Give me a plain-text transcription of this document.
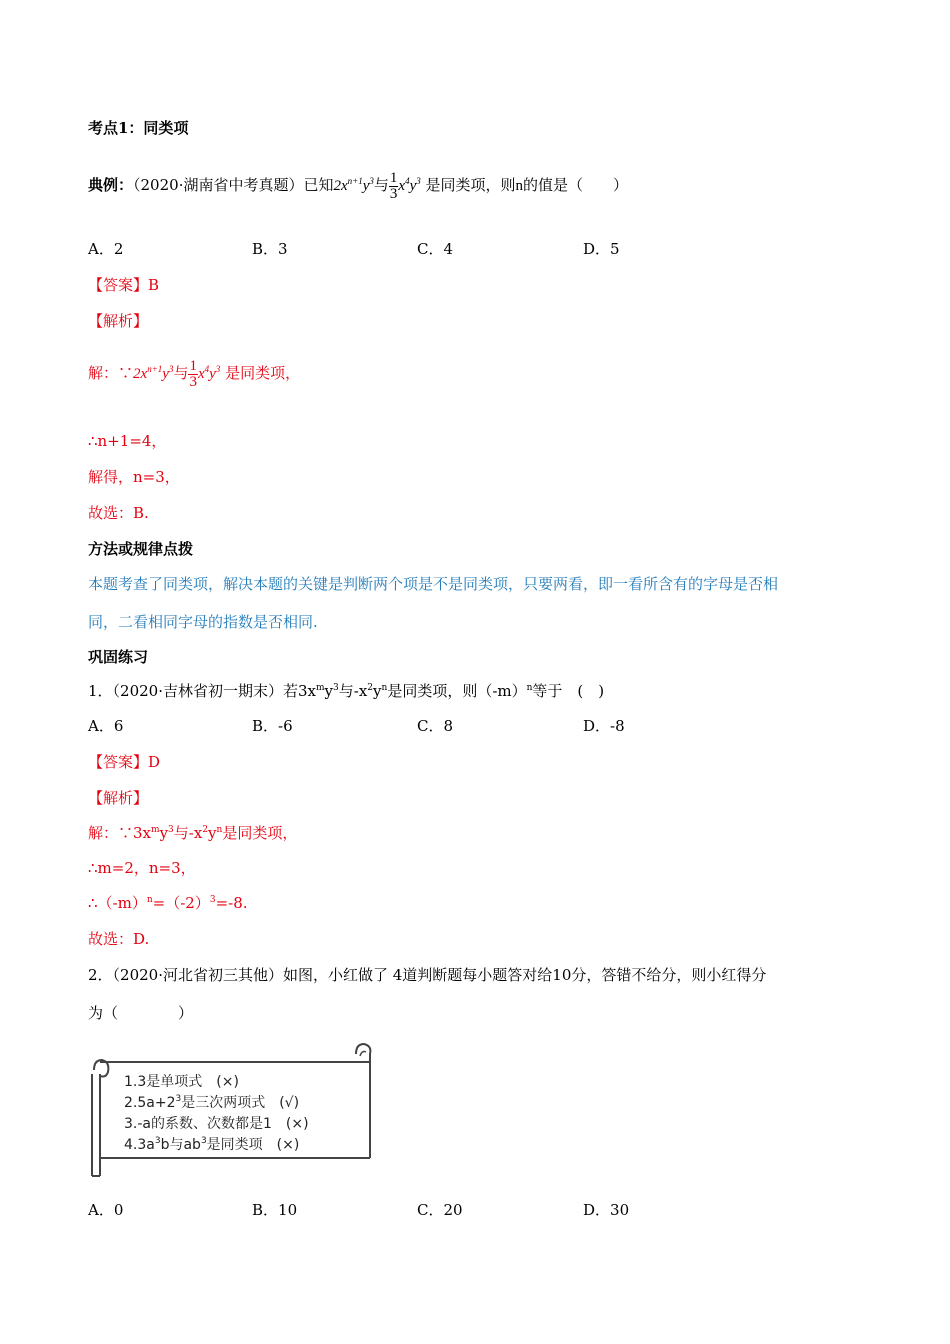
考点1：同类项
典例：（2020·湖南省中考真题）已知$2x^{n+1}y^3$与 $\frac{1}{3} x^4y^3$ 是同类项，则n的值是（　　）
A．2	B．3	C．4	D．5
【答案】B
【解析】
解：$\because 2x^{n+1}y^3$与 $\frac{1}{3} x^4y^3$ 是同类项，
∴n+1=4，
解得，n=3，
故选：B.
方法或规律点拨
本题考查了同类项，解决本题的关键是判断两个项是不是同类项，只要两看，即一看所含有的字母是否相
同，二看相同字母的指数是否相同.
巩固练习
1．（2020·吉林省初一期末）若$3x^my^3$与$-x^2y^n$是同类项，则$(-m)^n$等于　(　)
A．6	B．-6	C．8	D．-8
【答案】D
【解析】
解：$\because 3x^my^3$与$-x^2y^n$是同类项，
∴m=2，n=3，
$\therefore(-m)^n=(-2)^3=-8$.
故选：D.
2．（2020·河北省初三其他）如图，小红做了 4道判断题每小题答对给10分，答错不给分，则小红得分
为（　　　　）
1.3是单项式　(×)
$2.5a+2^3$是三次两项式　(√)
3.-a的系数、次数都是1　(×)
$4.3a^3b$与$ab^3$是同类项　(×)
A．0	B．10	C．20	D．30
